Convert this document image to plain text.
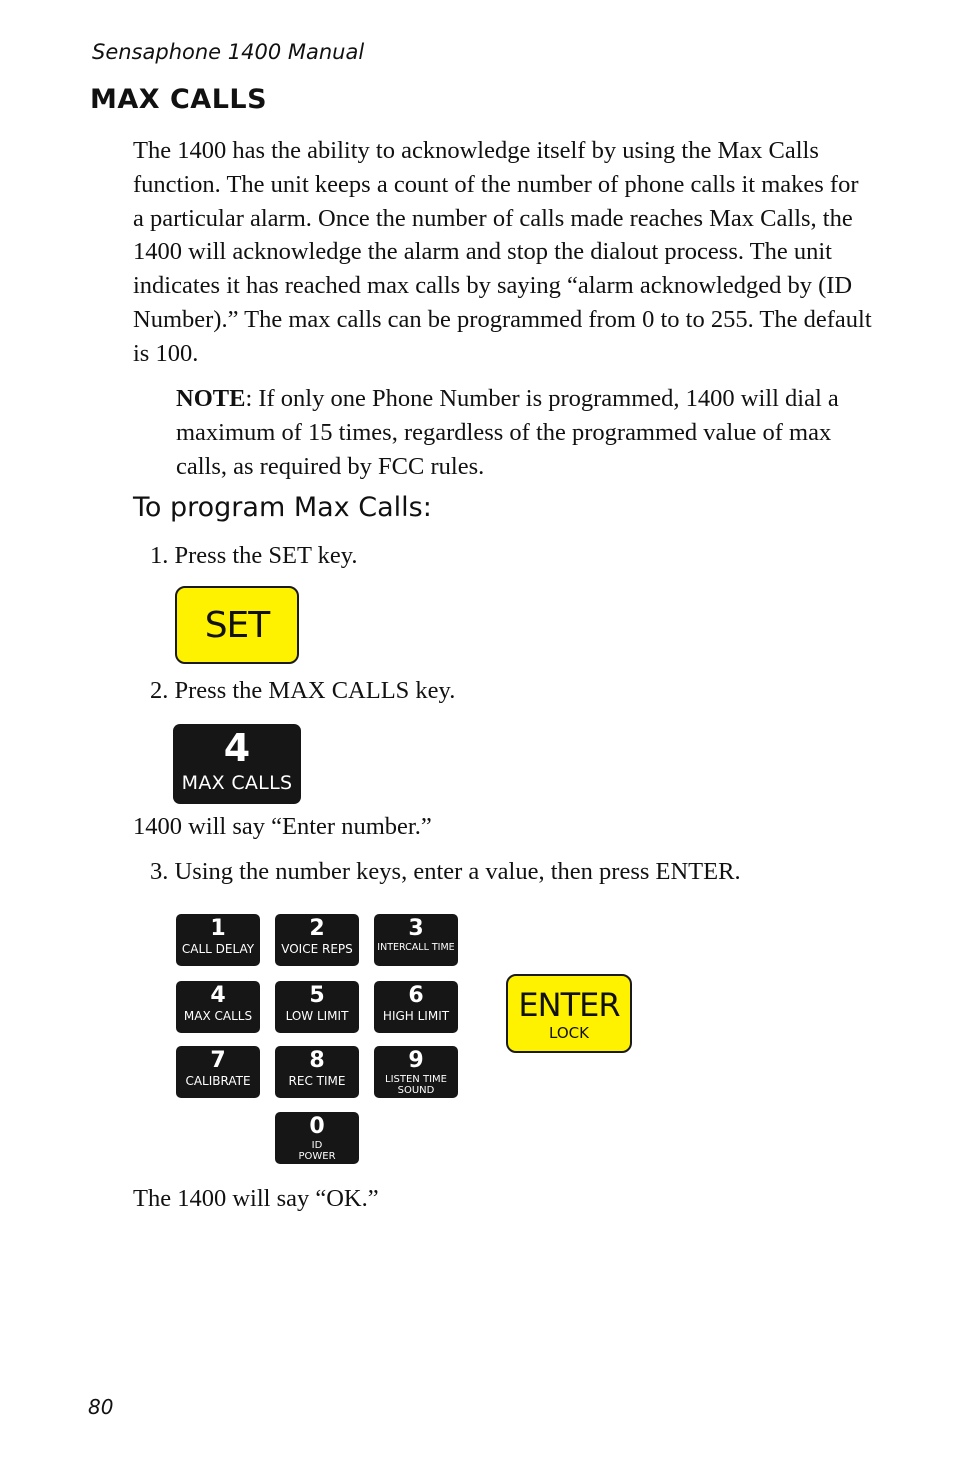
Sensaphone 1400 Manual
MAX CALLS
The 1400 has the ability to acknowledge itself by using the Max Calls function. The unit keeps a count of the number of phone calls it makes for a particular alarm. Once the number of calls made reaches Max Calls, the 1400 will acknowledge the alarm and stop the dialout process. The unit indicates it has reached max calls by saying “alarm acknowledged by (ID Number).” The max calls can be programmed from 0 to to 255. The default is 100.
NOTE: If only one Phone Number is programmed, 1400 will dial a maximum of 15 times, regardless of the programmed value of max calls, as required by FCC rules.
To program Max Calls:
1. Press the SET key.
SET
2. Press the MAX CALLS key.
4
MAX CALLS
1400 will say “Enter number.”
3. Using the number keys, enter a value, then press ENTER.
1
CALL DELAY
2
VOICE REPS
3
INTERCALL TIME
4
MAX CALLS
5
LOW LIMIT
6
HIGH LIMIT
7
CALIBRATE
8
REC TIME
9
LISTEN TIME
SOUND
0
ID
POWER
ENTER
LOCK
The 1400 will say “OK.”
80
